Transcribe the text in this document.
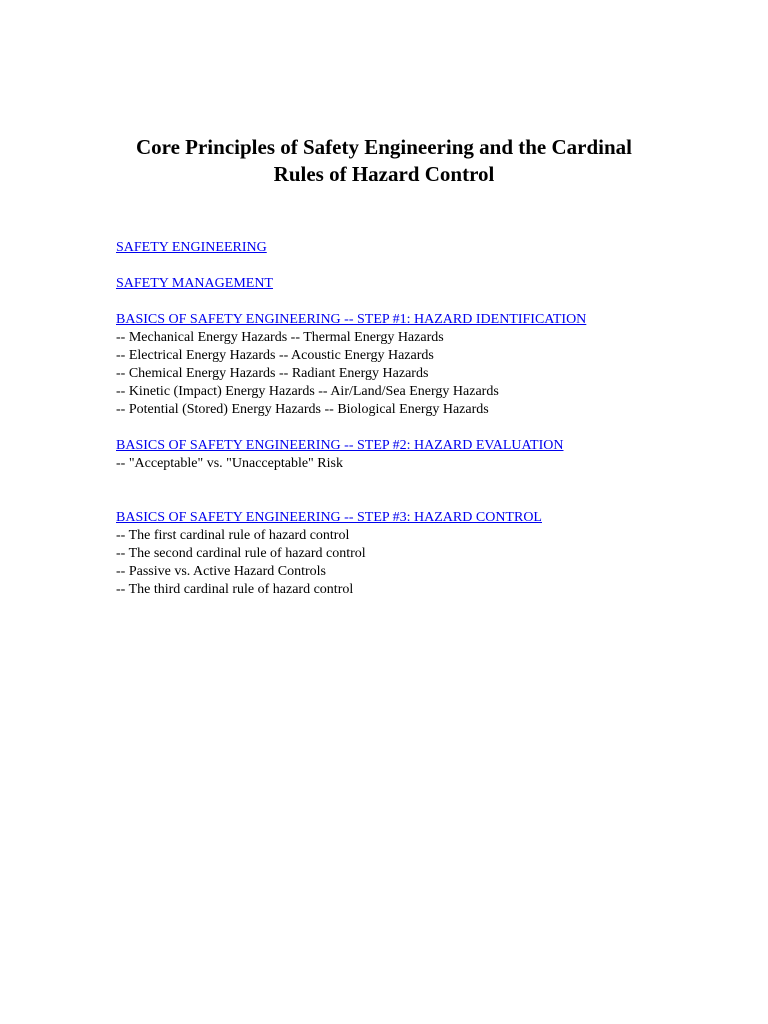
Core Principles of Safety Engineering and the Cardinal
Rules of Hazard Control
SAFETY ENGINEERING
SAFETY MANAGEMENT
BASICS OF SAFETY ENGINEERING -- STEP #1: HAZARD IDENTIFICATION
-- Mechanical Energy Hazards -- Thermal Energy Hazards
-- Electrical Energy Hazards -- Acoustic Energy Hazards
-- Chemical Energy Hazards -- Radiant Energy Hazards
-- Kinetic (Impact) Energy Hazards -- Air/Land/Sea Energy Hazards
-- Potential (Stored) Energy Hazards -- Biological Energy Hazards
BASICS OF SAFETY ENGINEERING -- STEP #2: HAZARD EVALUATION
-- "Acceptable" vs. "Unacceptable" Risk
BASICS OF SAFETY ENGINEERING -- STEP #3: HAZARD CONTROL
-- The first cardinal rule of hazard control
-- The second cardinal rule of hazard control
-- Passive vs. Active Hazard Controls
-- The third cardinal rule of hazard control
